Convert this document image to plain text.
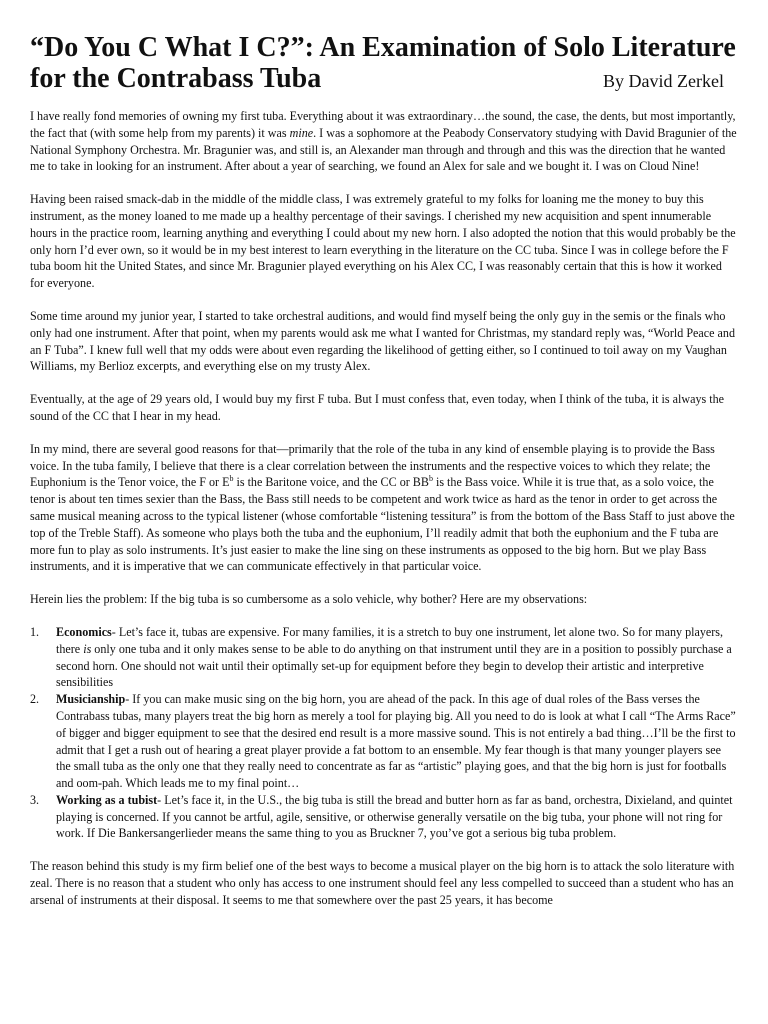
“Do You C What I C?”: An Examination of Solo Literature
for the Contrabass Tuba	By David Zerkel

I have really fond memories of owning my first tuba. Everything about it was extraordinary…the sound, the case, the dents, but most importantly, the fact that (with some help from my parents) it was mine. I was a sophomore at the Peabody Conservatory studying with David Bragunier of the National Symphony Orchestra. Mr. Bragunier was, and still is, an Alexander man through and through and this was the direction that he wanted me to take in looking for an instrument. After about a year of searching, we found an Alex for sale and we bought it. I was on Cloud Nine!

Having been raised smack-dab in the middle of the middle class, I was extremely grateful to my folks for loaning me the money to buy this instrument, as the money loaned to me made up a healthy percentage of their savings. I cherished my new acquisition and spent innumerable hours in the practice room, learning anything and everything I could about my new horn. I also adopted the notion that this would probably be the only horn I’d ever own, so it would be in my best interest to learn everything in the literature on the CC tuba. Since I was in college before the F tuba boom hit the United States, and since Mr. Bragunier played everything on his Alex CC, I was reasonably certain that this is how it worked for everyone.

Some time around my junior year, I started to take orchestral auditions, and would find myself being the only guy in the semis or the finals who only had one instrument. After that point, when my parents would ask me what I wanted for Christmas, my standard reply was, “World Peace and an F Tuba”. I knew full well that my odds were about even regarding the likelihood of getting either, so I continued to toil away on my Vaughan Williams, my Berlioz excerpts, and everything else on my trusty Alex.

Eventually, at the age of 29 years old, I would buy my first F tuba. But I must confess that, even today, when I think of the tuba, it is always the sound of the CC that I hear in my head.

In my mind, there are several good reasons for that—primarily that the role of the tuba in any kind of ensemble playing is to provide the Bass voice. In the tuba family, I believe that there is a clear correlation between the instruments and the respective voices to which they relate; the Euphonium is the Tenor voice, the F or $E^b$ is the Baritone voice, and the CC or $BB^b$ is the Bass voice. While it is true that, as a solo voice, the tenor is about ten times sexier than the Bass, the Bass still needs to be competent and work twice as hard as the tenor in order to get across the same musical meaning across to the typical listener (whose comfortable “listening tessitura” is from the bottom of the Bass Staff to just above the top of the Treble Staff). As someone who plays both the tuba and the euphonium, I’ll readily admit that both the euphonium and the F tuba are more fun to play as solo instruments. It’s just easier to make the line sing on these instruments as opposed to the big horn. But we play Bass instruments, and it is imperative that we can communicate effectively in that particular voice.

Herein lies the problem: If the big tuba is so cumbersome as a solo vehicle, why bother? Here are my observations:

1. Economics- Let’s face it, tubas are expensive. For many families, it is a stretch to buy one instrument, let alone two. So for many players, there is only one tuba and it only makes sense to be able to do anything on that instrument until they are in a position to possibly purchase a second horn. One should not wait until their optimally set-up for equipment before they begin to develop their artistic and interpretive sensibilities
2. Musicianship- If you can make music sing on the big horn, you are ahead of the pack. In this age of dual roles of the Bass verses the Contrabass tubas, many players treat the big horn as merely a tool for playing big. All you need to do is look at what I call “The Arms Race” of bigger and bigger equipment to see that the desired end result is a more massive sound. This is not entirely a bad thing…I’ll be the first to admit that I get a rush out of hearing a great player provide a fat bottom to an ensemble. My fear though is that many younger players see the small tuba as the only one that they really need to concentrate as far as “artistic” playing goes, and that the big horn is just for footballs and oom-pah. Which leads me to my final point…
3. Working as a tubist- Let’s face it, in the U.S., the big tuba is still the bread and butter horn as far as band, orchestra, Dixieland, and quintet playing is concerned. If you cannot be artful, agile, sensitive, or otherwise generally versatile on the big tuba, your phone will not ring for work. If Die Bankersangerlieder means the same thing to you as Bruckner 7, you’ve got a serious big tuba problem.

The reason behind this study is my firm belief one of the best ways to become a musical player on the big horn is to attack the solo literature with zeal. There is no reason that a student who only has access to one instrument should feel any less compelled to succeed than a student who has an arsenal of instruments at their disposal. It seems to me that somewhere over the past 25 years, it has become
